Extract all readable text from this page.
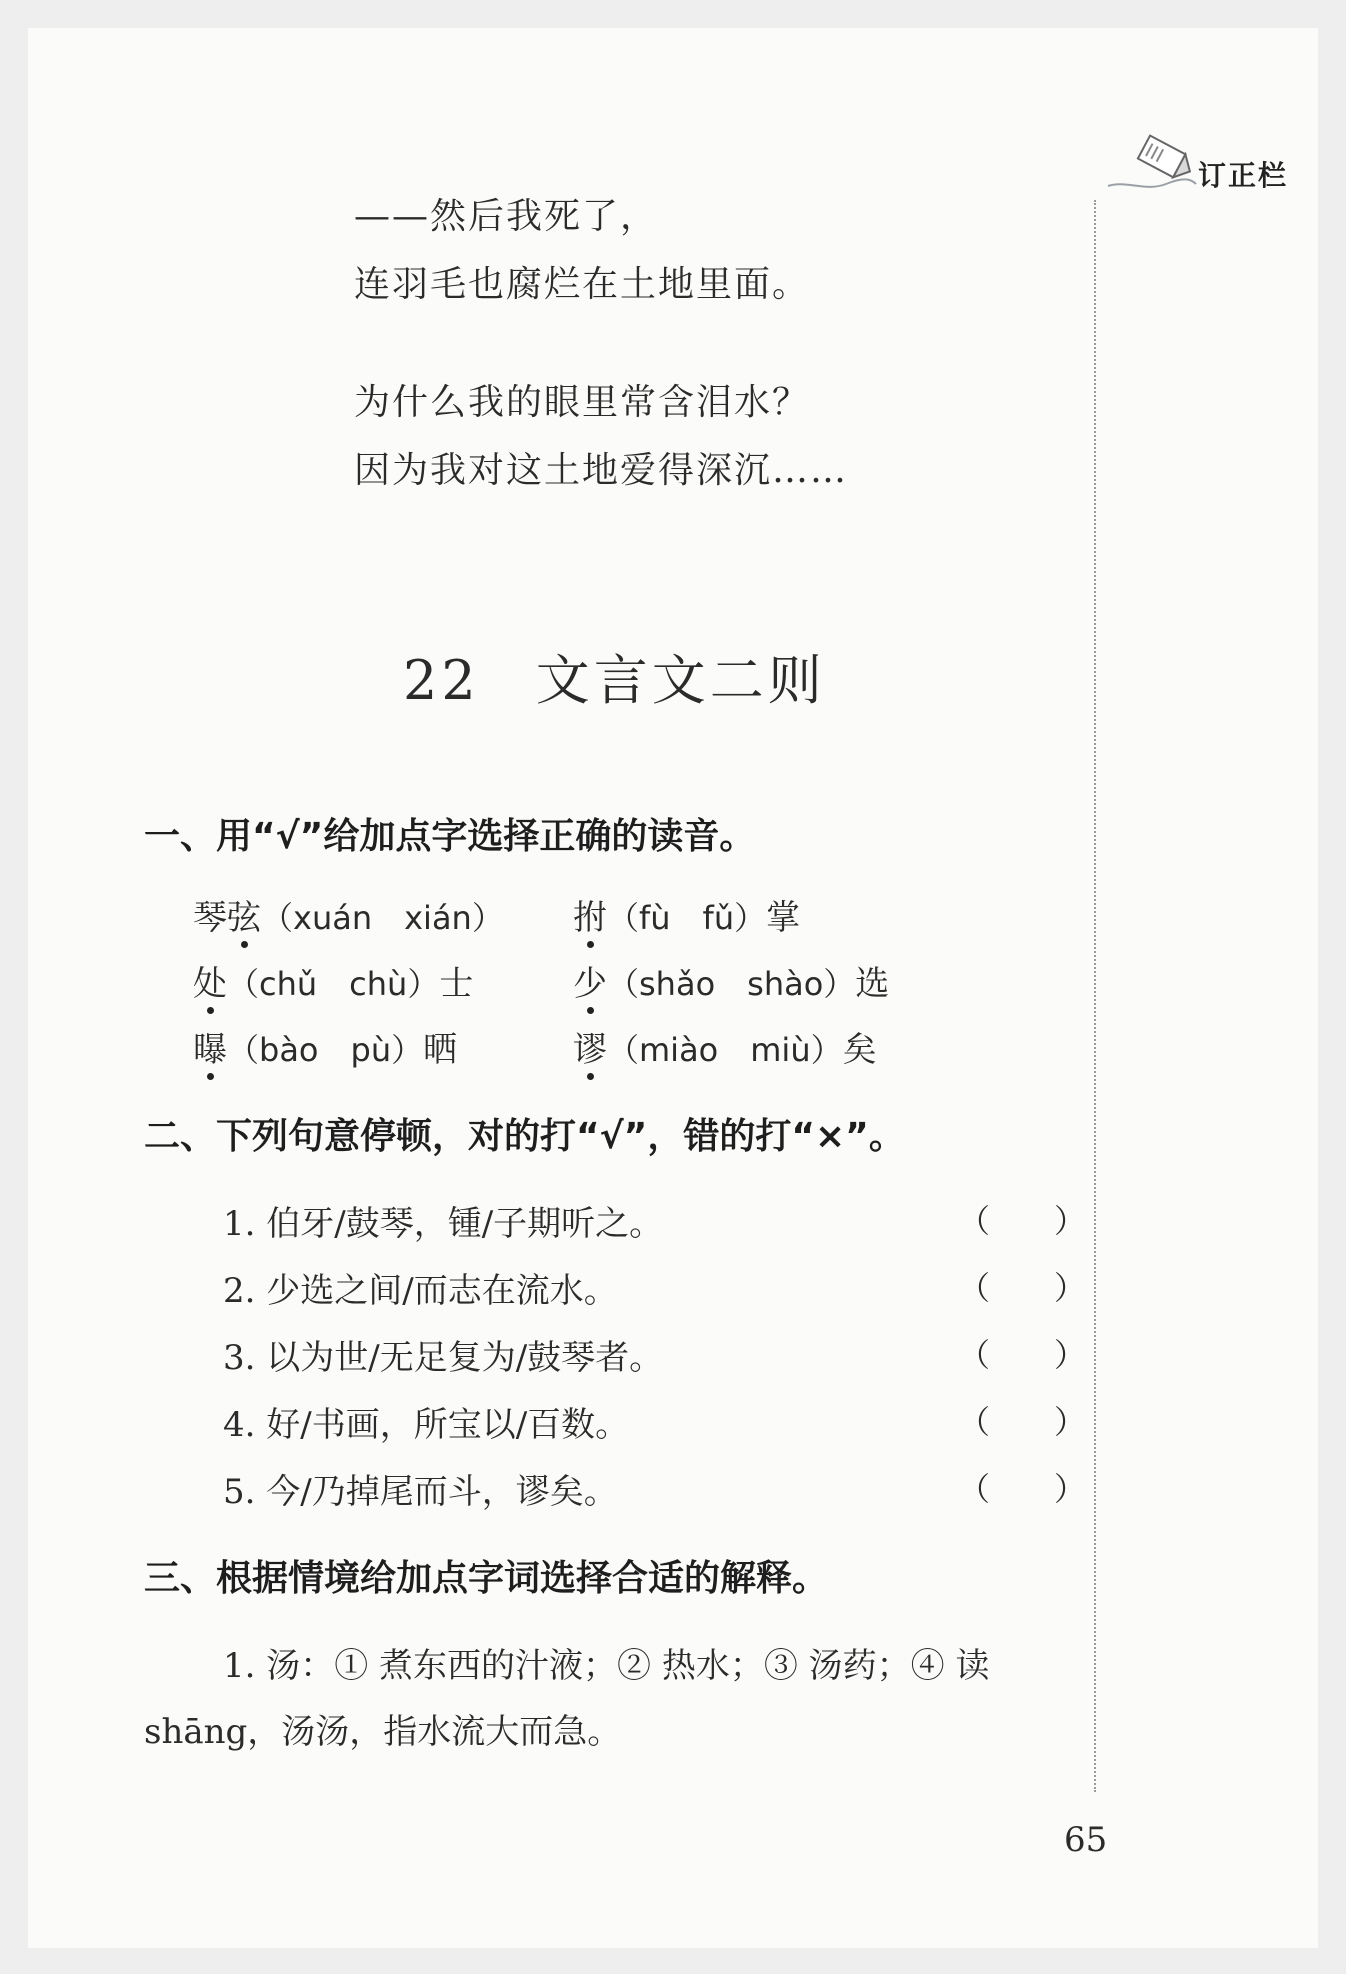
订正栏
——然后我死了，
连羽毛也腐烂在土地里面。
为什么我的眼里常含泪水？
因为我对这土地爱得深沉……
22 文言文二则
一、用“√”给加点字选择正确的读音。
琴弦（xuán　xián） 拊（fù　fǔ）掌
处（chǔ　chù）士	少（shǎo　shào）选
曝（bào　pù）晒	谬（miào　miù）矣
二、下列句意停顿，对的打“√”，错的打“×”。
1. 伯牙/鼓琴，锺/子期听之。	（　　）
2. 少选之间/而志在流水。	（　　）
3. 以为世/无足复为/鼓琴者。	（　　）
4. 好/书画，所宝以/百数。	（　　）
5. 今/乃掉尾而斗，谬矣。	（　　）
三、根据情境给加点字词选择合适的解释。
1. 汤：① 煮东西的汁液；② 热水；③ 汤药；④ 读
shāng，汤汤，指水流大而急。
65
